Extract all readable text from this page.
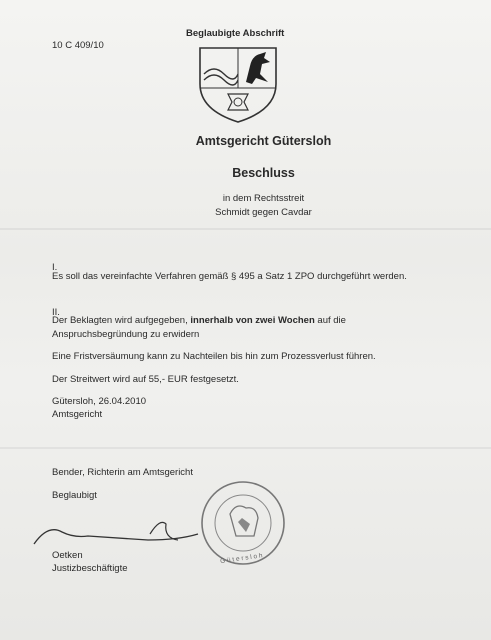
10 C 409/10
Beglaubigte Abschrift
Amtsgericht Gütersloh
Beschluss
in dem Rechtsstreit
Schmidt gegen Cavdar
I.
Es soll das vereinfachte Verfahren gemäß § 495 a Satz 1 ZPO durchgeführt werden.
II.
Der Beklagten wird aufgegeben, innerhalb von zwei Wochen auf die
Anspruchsbegründung zu erwidern
Eine Fristversäumung kann zu Nachteilen bis hin zum Prozessverlust führen.
Der Streitwert wird auf 55,- EUR festgesetzt.
Gütersloh, 26.04.2010
Amtsgericht
Bender, Richterin am Amtsgericht
Beglaubigt
G ü t e r s l o h
Oetken
Justizbeschäftigte
